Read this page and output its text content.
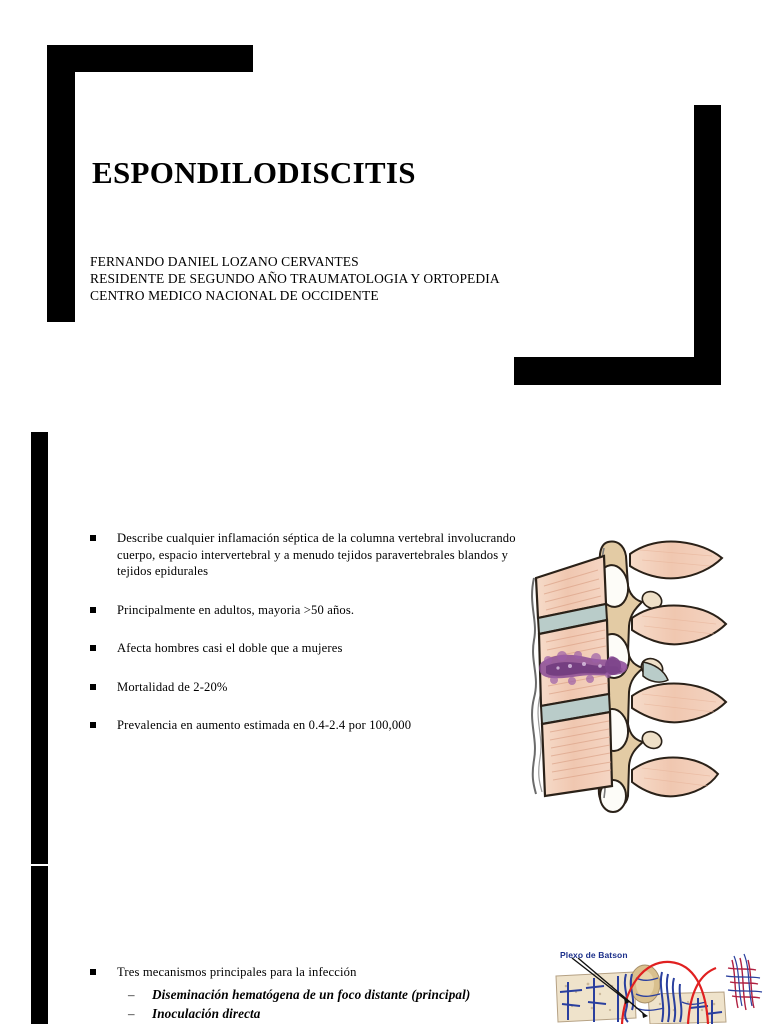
ESPONDILODISCITIS
FERNANDO DANIEL LOZANO CERVANTES
RESIDENTE DE SEGUNDO AÑO TRAUMATOLOGIA Y ORTOPEDIA
CENTRO MEDICO NACIONAL DE OCCIDENTE
Describe cualquier inflamación séptica de la columna vertebral involucrando cuerpo, espacio intervertebral y a menudo tejidos paravertebrales blandos y tejidos epidurales
Principalmente en adultos, mayoria >50 años.
Afecta hombres casi el doble que a mujeres
Mortalidad de 2-20%
Prevalencia en aumento estimada en 0.4-2.4 por 100,000
Tres mecanismos principales para la infección
– Diseminación hematógena de un foco distante (principal)
– Inoculación directa
Plexo de Batson
